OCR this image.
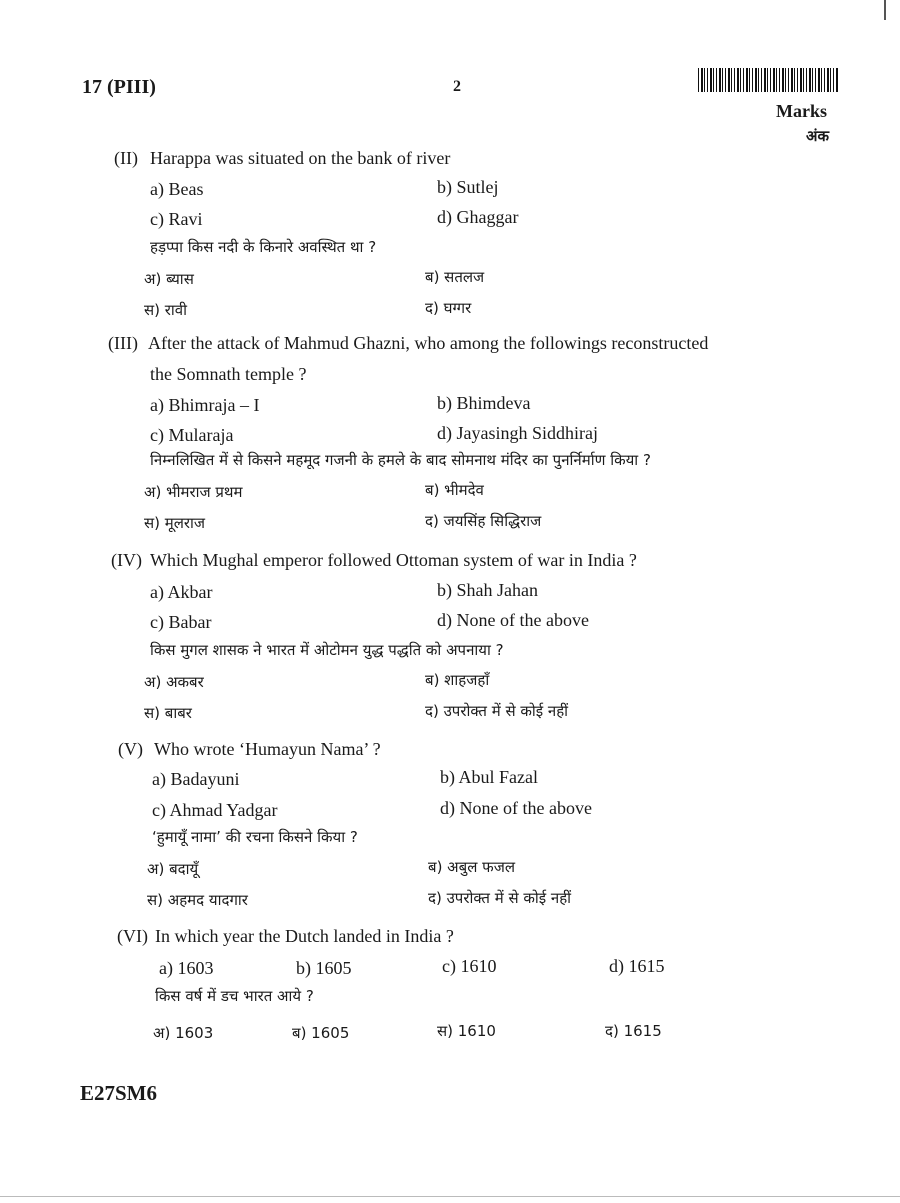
17 (PIII)	2
Marks
अंक
(II) Harappa was situated on the bank of river
a) Beas	b) Sutlej
c) Ravi	d) Ghaggar
हड़प्पा किस नदी के किनारे अवस्थित था ?
अ) ब्यास	ब) सतलज
स) रावी	द) घग्गर
(III) After the attack of Mahmud Ghazni, who among the followings reconstructed
the Somnath temple ?
a) Bhimraja – I	b) Bhimdeva
c) Mularaja	d) Jayasingh Siddhiraj
निम्नलिखित में से किसने महमूद गजनी के हमले के बाद सोमनाथ मंदिर का पुनर्निर्माण किया ?
अ) भीमराज प्रथम	ब) भीमदेव
स) मूलराज	द) जयसिंह सिद्धिराज
(IV) Which Mughal emperor followed Ottoman system of war in India ?
a) Akbar	b) Shah Jahan
c) Babar	d) None of the above
किस मुगल शासक ने भारत में ओटोमन युद्ध पद्धति को अपनाया ?
अ) अकबर	ब) शाहजहाँ
स) बाबर	द) उपरोक्त में से कोई नहीं
(V) Who wrote ‘Humayun Nama’ ?
a) Badayuni	b) Abul Fazal
c) Ahmad Yadgar	d) None of the above
‘हुमायूँ नामा’ की रचना किसने किया ?
अ) बदायूँ	ब) अबुल फजल
स) अहमद यादगार	द) उपरोक्त में से कोई नहीं
(VI) In which year the Dutch landed in India ?
a) 1603	b) 1605	c) 1610	d) 1615
किस वर्ष में डच भारत आये ?
अ) 1603	ब) 1605	स) 1610	द) 1615
E27SM6
